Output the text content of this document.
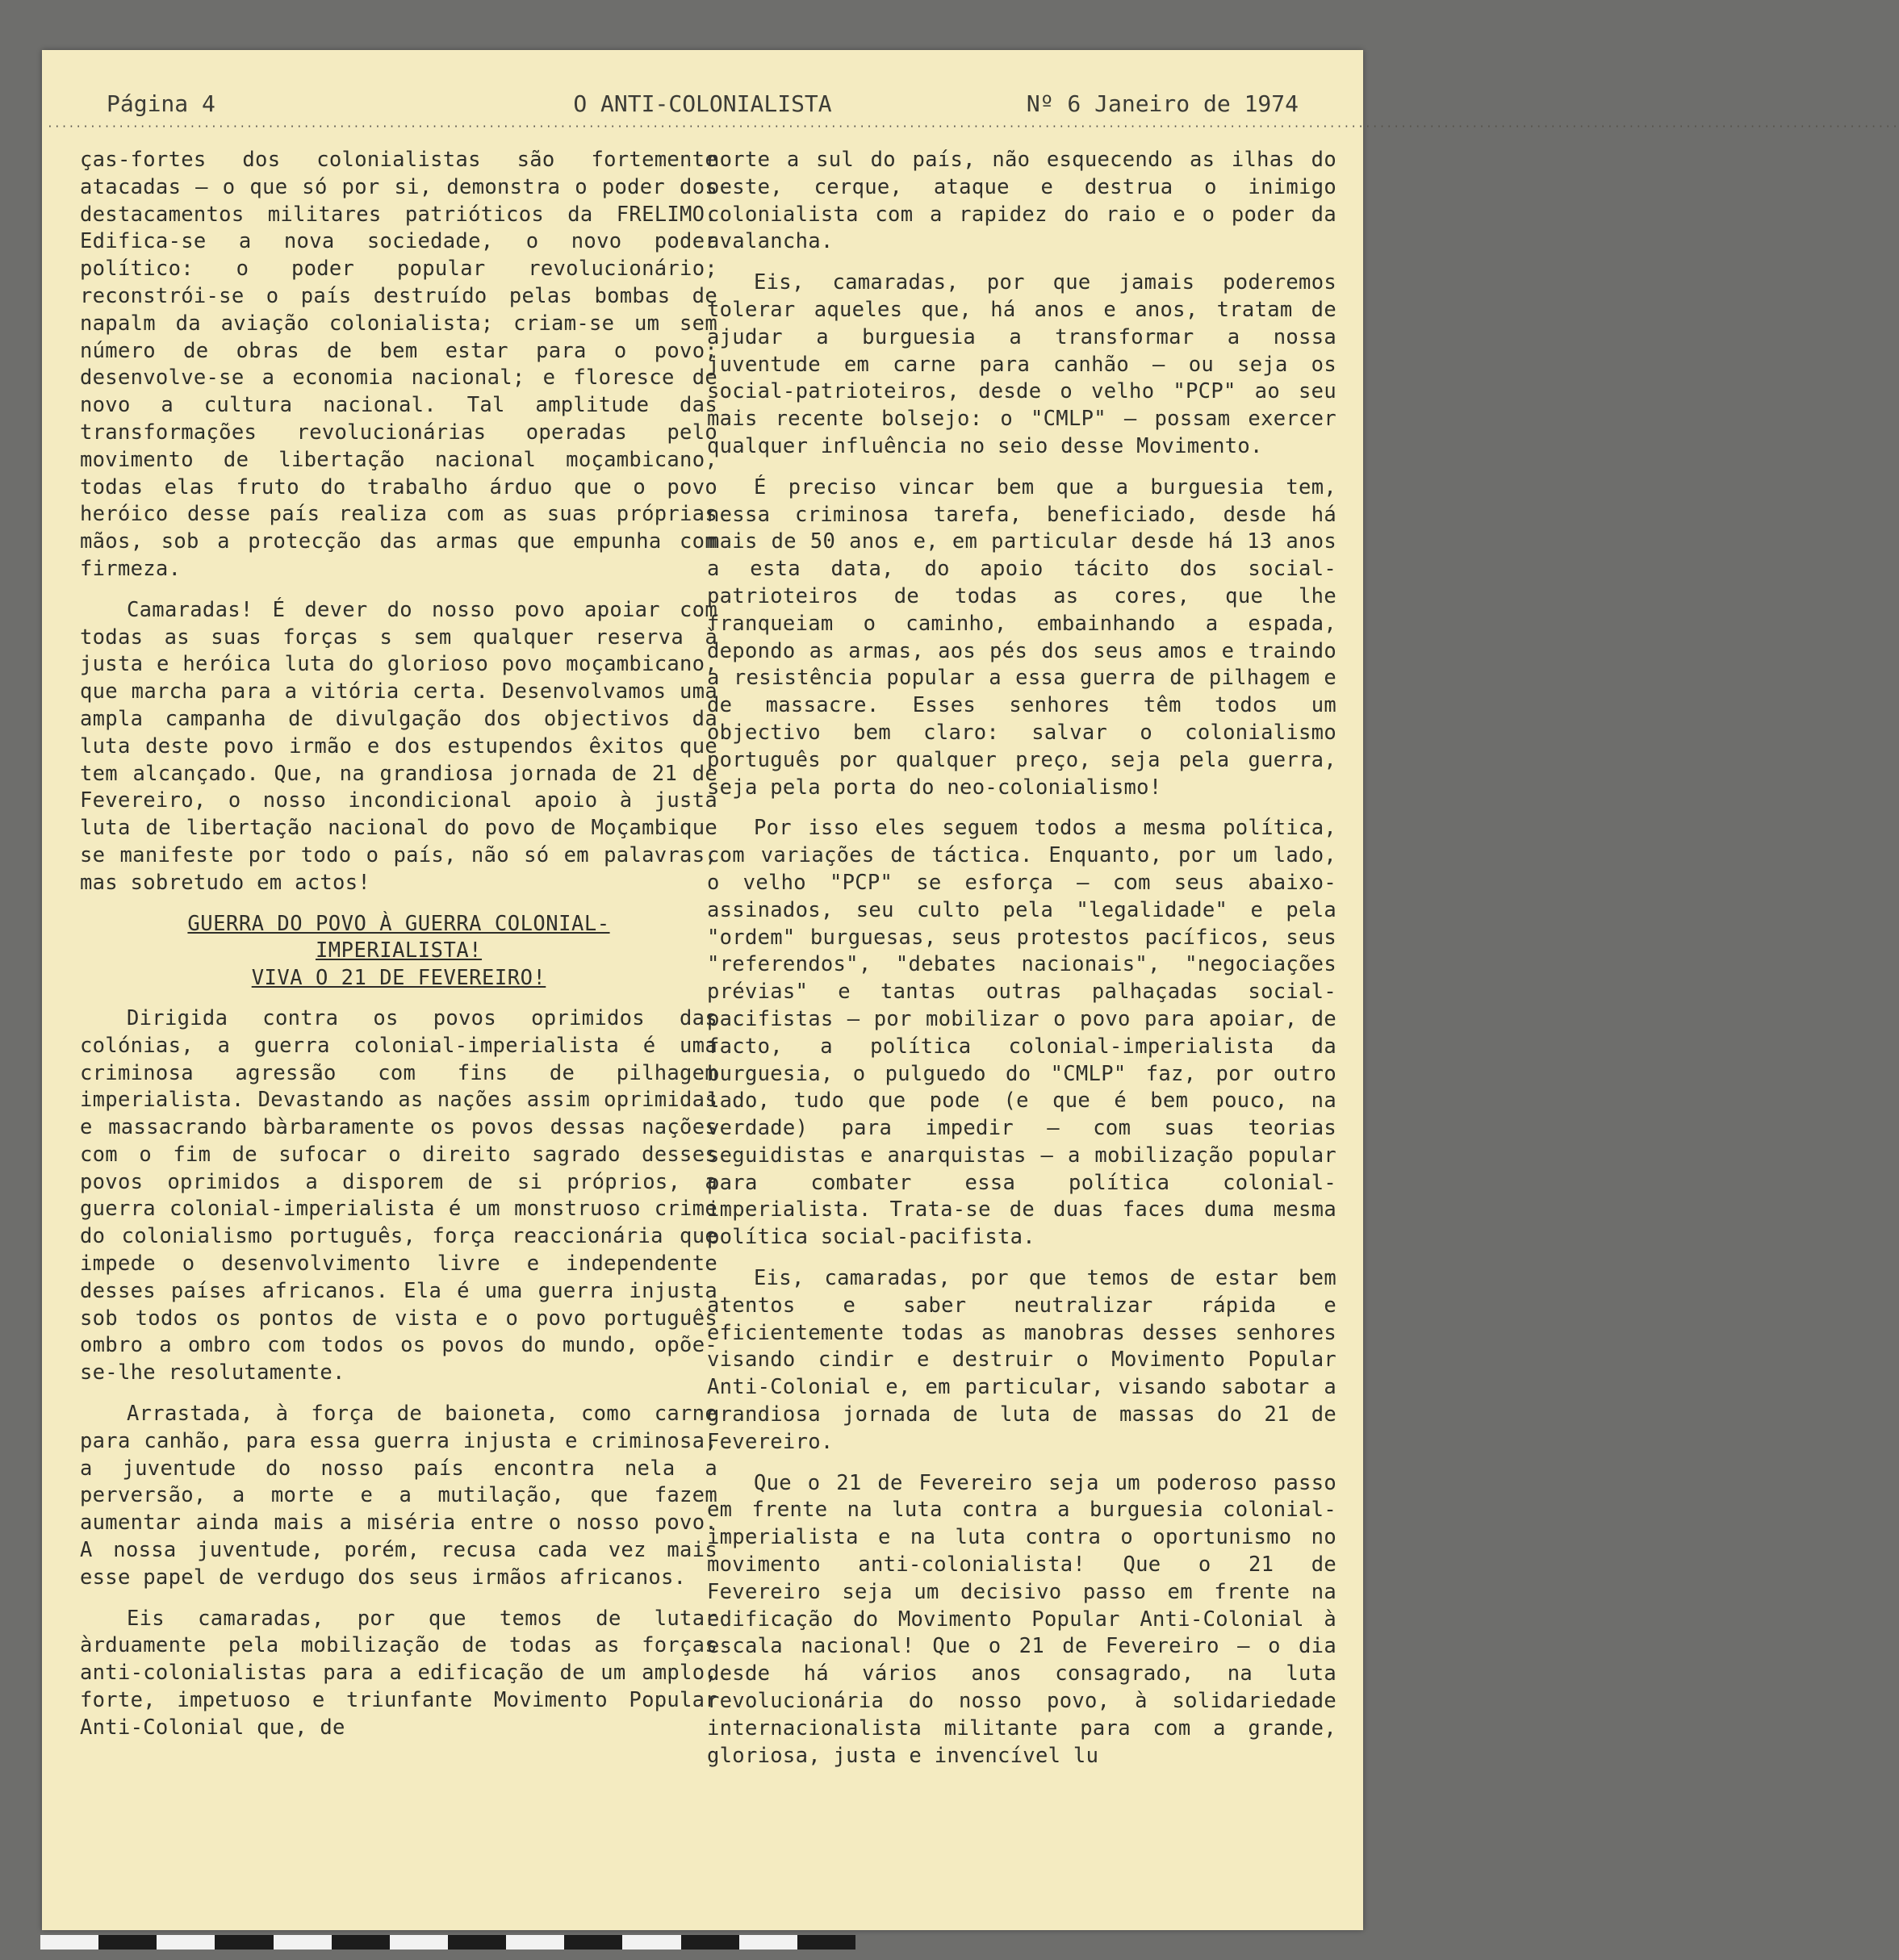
Página 4	O ANTI-COLONIALISTA	Nº 6 Janeiro de 1974
····································································································································································································································································

ças-fortes dos colonialistas são fortemente atacadas — o que só por si, demonstra o poder dos destacamentos militares patrióticos da FRELIMO. Edifica-se a nova sociedade, o novo poder político: o poder popular revolucionário; reconstrói-se o país destruído pelas bombas de napalm da aviação colonialista; criam-se um sem número de obras de bem estar para o povo; desenvolve-se a economia nacional; e floresce de novo a cultura nacional. Tal amplitude das transformações revolucionárias operadas pelo movimento de libertação nacional moçambicano, todas elas fruto do trabalho árduo que o povo heróico desse país realiza com as suas próprias mãos, sob a protecção das armas que empunha com firmeza.

Camaradas! É dever do nosso povo apoiar com todas as suas forças s sem qualquer reserva à justa e heróica luta do glorioso povo moçambicano, que marcha para a vitória certa. Desenvolvamos uma ampla campanha de divulgação dos objectivos da luta deste povo irmão e dos estupendos êxitos que tem alcançado. Que, na grandiosa jornada de 21 de Fevereiro, o nosso incondicional apoio à justa luta de libertação nacional do povo de Moçambique se manifeste por todo o país, não só em palavras, mas sobretudo em actos!

GUERRA DO POVO À GUERRA COLONIAL-
IMPERIALISTA!
VIVA O 21 DE FEVEREIRO!

Dirigida contra os povos oprimidos das colónias, a guerra colonial-imperialista é uma criminosa agressão com fins de pilhagem imperialista. Devastando as nações assim oprimidas e massacrando bàrbaramente os povos dessas nações com o fim de sufocar o direito sagrado desses povos oprimidos a disporem de si próprios, a guerra colonial-imperialista é um monstruoso crime do colonialismo português, força reaccionária que impede o desenvolvimento livre e independente desses países africanos. Ela é uma guerra injusta sob todos os pontos de vista e o povo português ombro a ombro com todos os povos do mundo, opõe-se-lhe resolutamente.

Arrastada, à força de baioneta, como carne para canhão, para essa guerra injusta e criminosa, a juventude do nosso país encontra nela a perversão, a morte e a mutilação, que fazem aumentar ainda mais a miséria entre o nosso povo. A nossa juventude, porém, recusa cada vez mais esse papel de verdugo dos seus irmãos africanos.

Eis camaradas, por que temos de lutar àrduamente pela mobilização de todas as forças anti-colonialistas para a edificação de um amplo, forte, impetuoso e triunfante Movimento Popular Anti-Colonial que, de

norte a sul do país, não esquecendo as ilhas do oeste, cerque, ataque e destrua o inimigo colonialista com a rapidez do raio e o poder da avalancha.

Eis, camaradas, por que jamais poderemos tolerar aqueles que, há anos e anos, tratam de ajudar a burguesia a transformar a nossa juventude em carne para canhão — ou seja os social-patrioteiros, desde o velho "PCP" ao seu mais recente bolsejo: o "CMLP" — possam exercer qualquer influência no seio desse Movimento.

É preciso vincar bem que a burguesia tem, nessa criminosa tarefa, beneficiado, desde há mais de 50 anos e, em particular desde há 13 anos a esta data, do apoio tácito dos social-patrioteiros de todas as cores, que lhe franqueiam o caminho, embainhando a espada, depondo as armas, aos pés dos seus amos e traindo a resistência popular a essa guerra de pilhagem e de massacre. Esses senhores têm todos um objectivo bem claro: salvar o colonialismo português por qualquer preço, seja pela guerra, seja pela porta do neo-colonialismo!

Por isso eles seguem todos a mesma política, com variações de táctica. Enquanto, por um lado, o velho "PCP" se esforça — com seus abaixo-assinados, seu culto pela "legalidade" e pela "ordem" burguesas, seus protestos pacíficos, seus "referendos", "debates nacionais", "negociações prévias" e tantas outras palhaçadas social-pacifistas — por mobilizar o povo para apoiar, de facto, a política colonial-imperialista da burguesia, o pulguedo do "CMLP" faz, por outro lado, tudo que pode (e que é bem pouco, na verdade) para impedir — com suas teorias seguidistas e anarquistas — a mobilização popular para combater essa política colonial-imperialista. Trata-se de duas faces duma mesma política social-pacifista.

Eis, camaradas, por que temos de estar bem atentos e saber neutralizar rápida e eficientemente todas as manobras desses senhores visando cindir e destruir o Movimento Popular Anti-Colonial e, em particular, visando sabotar a grandiosa jornada de luta de massas do 21 de Fevereiro.

Que o 21 de Fevereiro seja um poderoso passo em frente na luta contra a burguesia colonial-imperialista e na luta contra o oportunismo no movimento anti-colonialista! Que o 21 de Fevereiro seja um decisivo passo em frente na edificação do Movimento Popular Anti-Colonial à escala nacional! Que o 21 de Fevereiro — o dia desde há vários anos consagrado, na luta revolucionária do nosso povo, à solidariedade internacionalista militante para com a grande, gloriosa, justa e invencível lu
